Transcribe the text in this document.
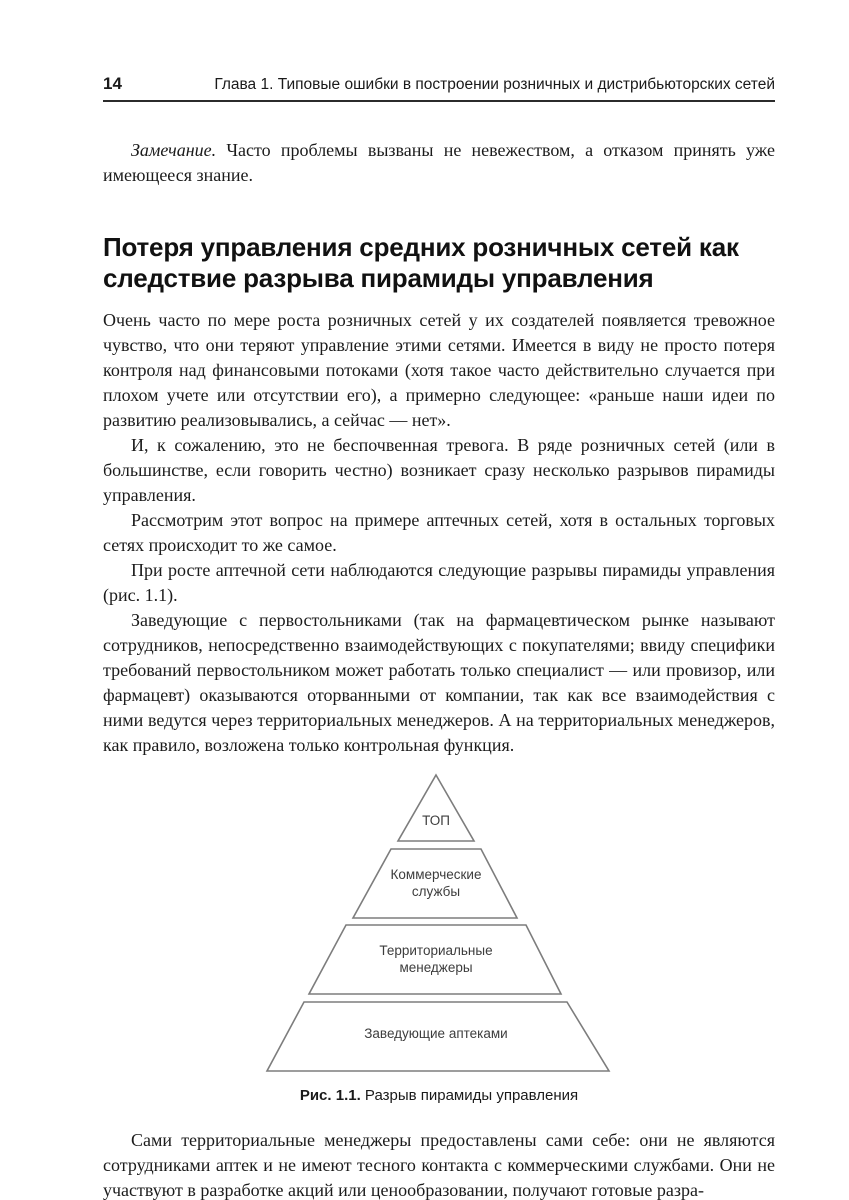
14	Глава 1. Типовые ошибки в построении розничных и дистрибьюторских сетей

Замечание. Часто проблемы вызваны не невежеством, а отказом принять уже имеющееся знание.

Потеря управления средних розничных сетей как следствие разрыва пирамиды управления

Очень часто по мере роста розничных сетей у их создателей появляется тревожное чувство, что они теряют управление этими сетями. Имеется в виду не просто потеря контроля над финансовыми потоками (хотя такое часто действительно случается при плохом учете или отсутствии его), а примерно следующее: «раньше наши идеи по развитию реализовывались, а сейчас — нет».

И, к сожалению, это не беспочвенная тревога. В ряде розничных сетей (или в большинстве, если говорить честно) возникает сразу несколько разрывов пирамиды управления.

Рассмотрим этот вопрос на примере аптечных сетей, хотя в остальных торговых сетях происходит то же самое.

При росте аптечной сети наблюдаются следующие разрывы пирамиды управления (рис. 1.1).

Заведующие с первостольниками (так на фармацевтическом рынке называют сотрудников, непосредственно взаимодействующих с покупателями; ввиду специфики требований первостольником может работать только специалист — или провизор, или фармацевт) оказываются оторванными от компании, так как все взаимодействия с ними ведутся через территориальных менеджеров. А на территориальных менеджеров, как правило, возложена только контрольная функция.

ТОП
Коммерческие службы
Территориальные менеджеры
Заведующие аптеками
Рис. 1.1. Разрыв пирамиды управления

Сами территориальные менеджеры предоставлены сами себе: они не являются сотрудниками аптек и не имеют тесного контакта с коммерческими службами. Они не участвуют в разработке акций или ценообразовании, получают готовые разра-
